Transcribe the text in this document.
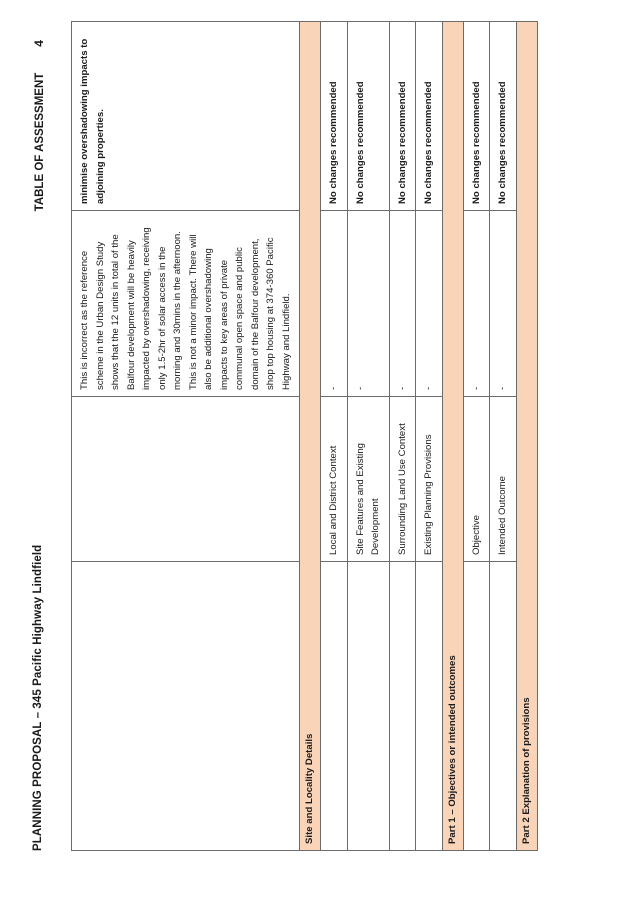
PLANNING PROPOSAL – 345 Pacific Highway Lindfield
TABLE OF ASSESSMENT4
		This is incorrect as the reference scheme in the Urban Design Study shows that the 12 units in total of the Balfour development will be heavily impacted by overshadowing, receiving only 1.5-2hr of solar access in the morning and 30mins in the afternoon. This is not a minor impact. There will also be additional overshadowing impacts to key areas of private communal open space and public domain of the Balfour development, shop top housing at 374-360 Pacific Highway and Lindfield.	minimise overshadowing impacts to adjoining properties.
Site and Locality Details			
	Local and District Context	-	No changes recommended
	Site Features and Existing Development	-	No changes recommended
	Surrounding Land Use Context	-	No changes recommended
	Existing Planning Provisions	-	No changes recommended
Part 1 – Objectives or intended outcomes			
	Objective	-	No changes recommended
	Intended Outcome	-	No changes recommended
Part 2 Explanation of provisions			
